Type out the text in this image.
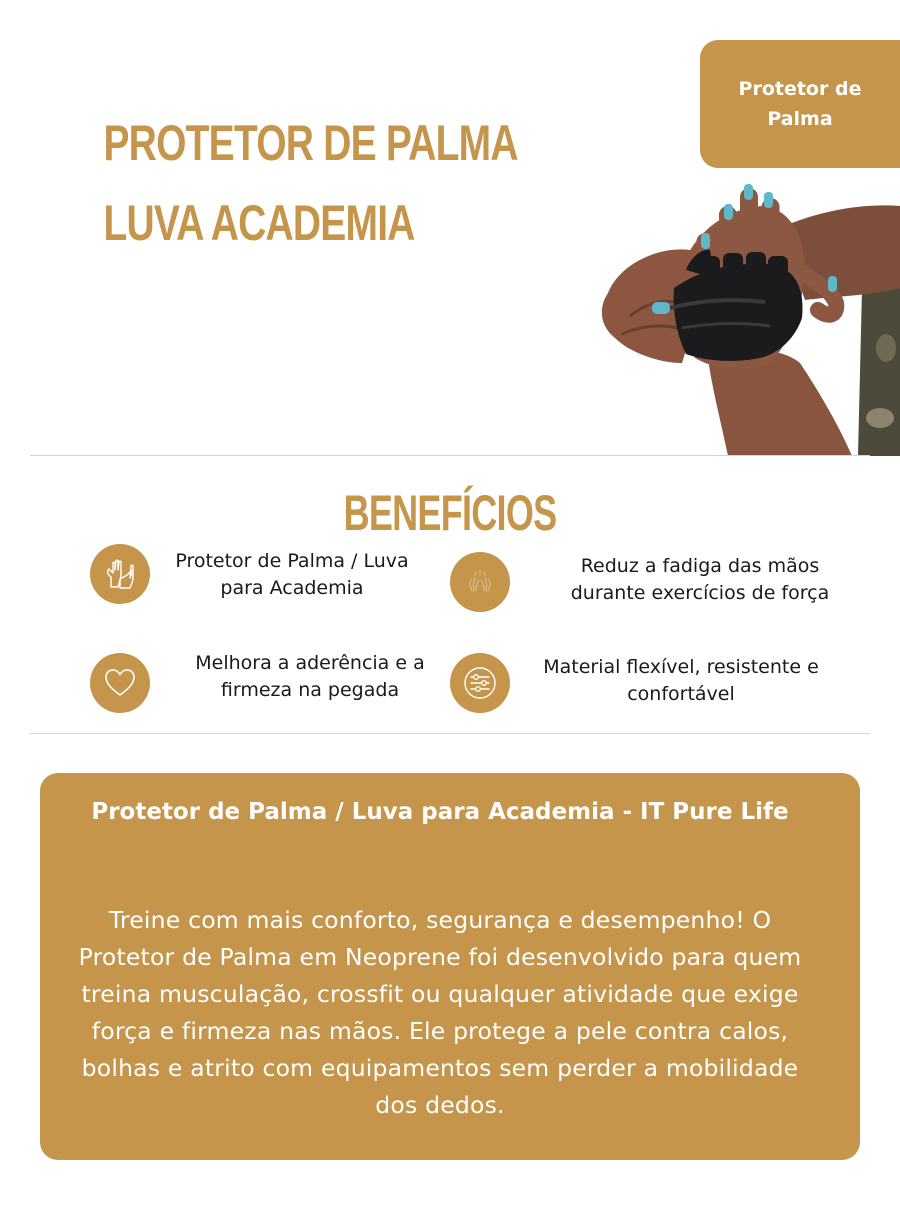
PROTETOR DE PALMA
LUVA ACADEMIA
Protetor de Palma
BENEFÍCIOS
Protetor de Palma / Luva para Academia
Reduz a fadiga das mãos durante exercícios de força
Melhora a aderência e a firmeza na pegada
Material flexível, resistente e confortável
Protetor de Palma / Luva para Academia - IT Pure Life
Treine com mais conforto, segurança e desempenho! O Protetor de Palma em Neoprene foi desenvolvido para quem treina musculação, crossfit ou qualquer atividade que exige força e firmeza nas mãos. Ele protege a pele contra calos, bolhas e atrito com equipamentos sem perder a mobilidade dos dedos.
